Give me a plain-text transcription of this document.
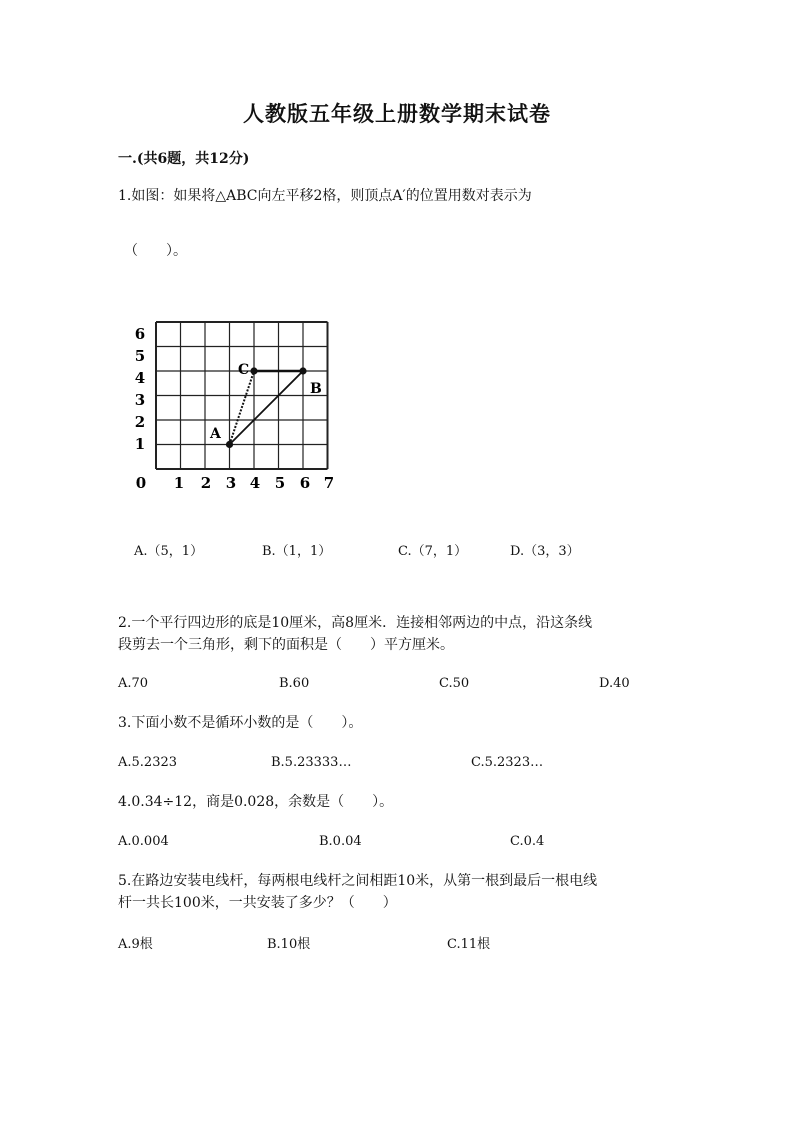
人教版五年级上册数学期末试卷
一.(共6题，共12分)
1.如图：如果将△ABC向左平移2格，则顶点A′的位置用数对表示为
（　　）。
6
5
4
3
2
1
0 1 2 3 4 5 6 7
A
B
C
A.（5，1）	B.（1，1）	C.（7，1）	D.（3，3）
2.一个平行四边形的底是10厘米，高8厘米．连接相邻两边的中点，沿这条线
段剪去一个三角形，剩下的面积是（　　）平方厘米。
A.70	B.60	C.50	D.40
3.下面小数不是循环小数的是（　　）。
A.5.2323	B.5.23333…	C.5.2323…
4.0.34÷12，商是0.028，余数是（　　）。
A.0.004	B.0.04	C.0.4
5.在路边安装电线杆，每两根电线杆之间相距10米，从第一根到最后一根电线
杆一共长100米，一共安装了多少？（　　）
A.9根	B.10根	C.11根
